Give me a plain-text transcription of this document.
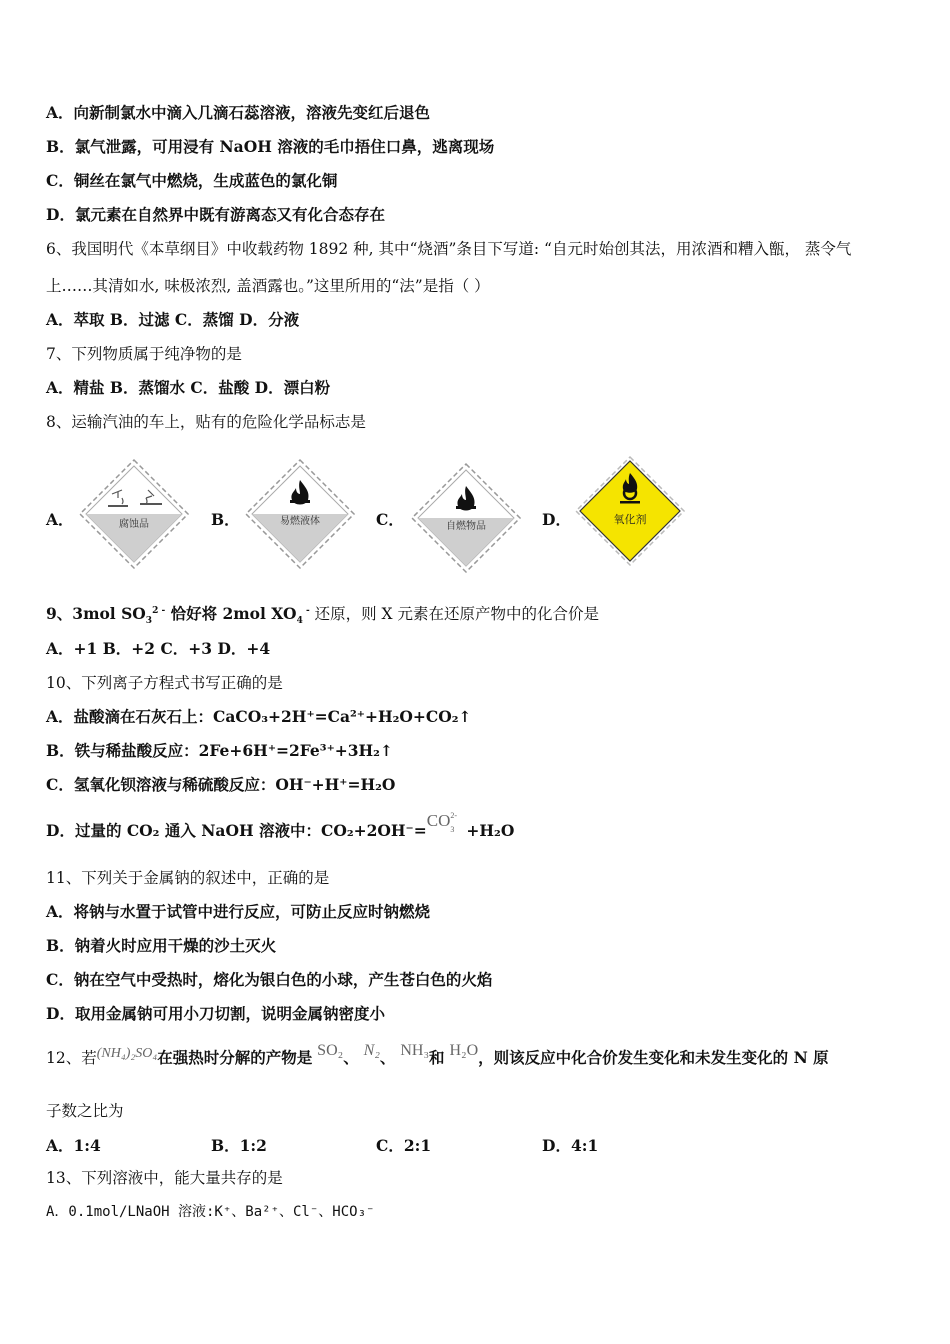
A．向新制氯水中滴入几滴石蕊溶液，溶液先变红后退色
B．氯气泄露，可用浸有 NaOH 溶液的毛巾捂住口鼻，逃离现场
C．铜丝在氯气中燃烧，生成蓝色的氯化铜
D．氯元素在自然界中既有游离态又有化合态存在
6、我国明代《本草纲目》中收载药物 1892 种, 其中“烧酒”条目下写道: “自元时始创其法，用浓酒和糟入甑， 蒸令气
上……其清如水, 味极浓烈, 盖酒露也。”这里所用的“法”是指（ ）
A．萃取 B．过滤 C．蒸馏 D．分液
7、下列物质属于纯净物的是
A．精盐 B．蒸馏水 C．盐酸 D．漂白粉
8、运输汽油的车上，贴有的危险化学品标志是
A．	B．	C．	D．
腐蚀品	易燃液体	自燃物品
氧化剂
9、3mol $SO_3^{2 -}$ 恰好将 2mol $XO_4$ - 还原，则 X 元素在还原产物中的化合价是
A．+1 B．+2 C．+3 D．+4
10、下列离子方程式书写正确的是
A．盐酸滴在石灰石上：CaCO₃+2H⁺=Ca²⁺+H₂O+CO₂↑
B．铁与稀盐酸反应：2Fe+6H⁺=2Fe³⁺+3H₂↑
C．氢氧化钡溶液与稀硫酸反应：OH⁻+H⁺=H₂O
D．过量的 CO₂ 通入 NaOH 溶液中：$CO_2+2OH^-=CO_3^{2-} +H_2O$
11、下列关于金属钠的叙述中，正确的是
A．将钠与水置于试管中进行反应，可防止反应时钠燃烧
B．钠着火时应用干燥的沙土灭火
C．钠在空气中受热时，熔化为银白色的小球，产生苍白色的火焰
D．取用金属钠可用小刀切割，说明金属钠密度小
12、若(NH₄)₂SO₄在强热时分解的产物是 SO₂、 N₂、 NH₃和 H₂O，则该反应中化合价发生变化和未发生变化的 N 原
子数之比为
A．1:4	B．1:2	C．2:1	D．4:1
13、下列溶液中，能大量共存的是
A．0.1mol/LNaOH 溶液:K⁺、Ba²⁺、Cl⁻、HCO₃⁻
